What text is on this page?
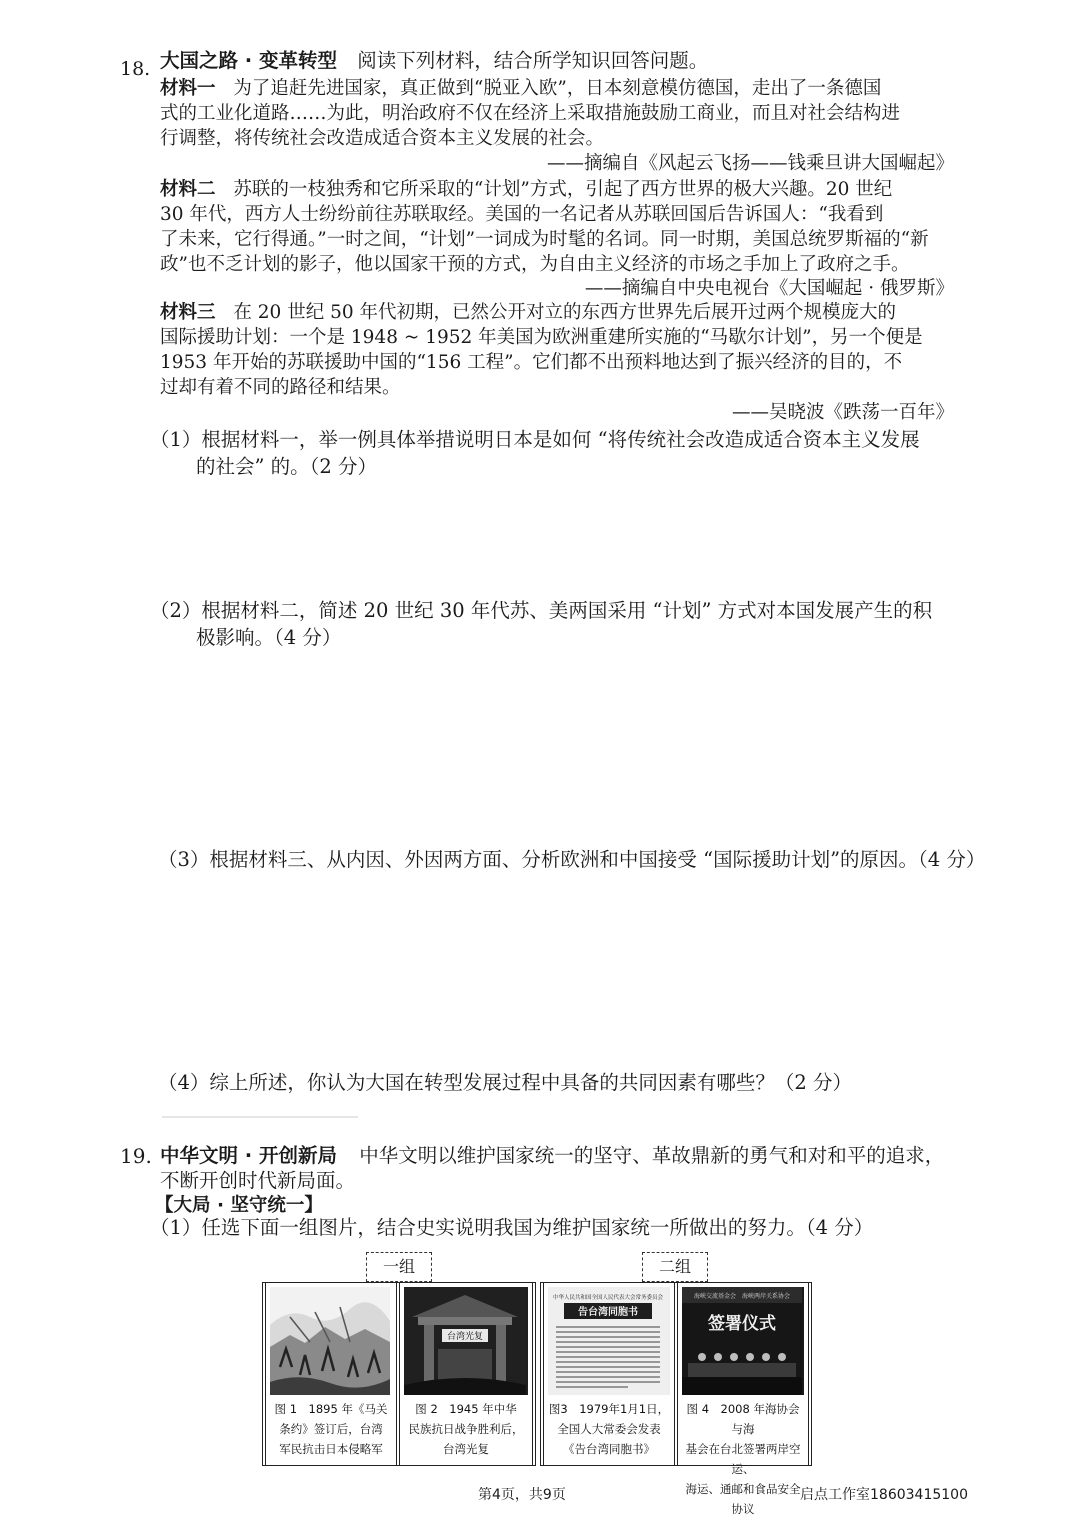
18. 大国之路 · 变革转型 阅读下列材料，结合所学知识回答问题。
材料一 为了追赶先进国家，真正做到“脱亚入欧”，日本刻意模仿德国，走出了一条德国
式的工业化道路……为此，明治政府不仅在经济上采取措施鼓励工商业，而且对社会结构进
行调整，将传统社会改造成适合资本主义发展的社会。
——摘编自《风起云飞扬——钱乘旦讲大国崛起》
材料二 苏联的一枝独秀和它所采取的“计划”方式，引起了西方世界的极大兴趣。20 世纪
30 年代，西方人士纷纷前往苏联取经。美国的一名记者从苏联回国后告诉国人：“我看到
了未来，它行得通。”一时之间，“计划”一词成为时髦的名词。同一时期，美国总统罗斯福的“新
政”也不乏计划的影子，他以国家干预的方式，为自由主义经济的市场之手加上了政府之手。
——摘编自中央电视台《大国崛起 · 俄罗斯》
材料三 在 20 世纪 50 年代初期，已然公开对立的东西方世界先后展开过两个规模庞大的
国际援助计划：一个是 1948 ~ 1952 年美国为欧洲重建所实施的“马歇尔计划”，另一个便是
1953 年开始的苏联援助中国的“156 工程”。它们都不出预料地达到了振兴经济的目的，不
过却有着不同的路径和结果。
——吴晓波《跌荡一百年》
（1）根据材料一，举一例具体举措说明日本是如何 “将传统社会改造成适合资本主义发展
的社会” 的。（2 分）
（2）根据材料二，简述 20 世纪 30 年代苏、美两国采用 “计划” 方式对本国发展产生的积
极影响。（4 分）
（3）根据材料三、从内因、外因两方面、分析欧洲和中国接受 “国际援助计划”的原因。（4 分）
（4）综上所述，你认为大国在转型发展过程中具备的共同因素有哪些？（2 分）
19. 中华文明 · 开创新局 中华文明以维护国家统一的坚守、革故鼎新的勇气和对和平的追求，
不断开创时代新局面。
【大局 · 坚守统一】
（1）任选下面一组图片，结合史实说明我国为维护国家统一所做出的努力。（4 分）
一组	二组
图 1　1895 年《马关
条约》签订后，台湾
军民抗击日本侵略军
台湾光复
图 2　1945 年中华
民族抗日战争胜利后，
台湾光复
中华人民共和国全国人民代表大会常务委员会
告台湾同胞书
图3　1979年1月1日，
全国人大常委会发表
《告台湾同胞书》
海峡交流基金会　海峡两岸关系协会
签署仪式
图 4　2008 年海协会与海
基会在台北签署两岸空运、
海运、通邮和食品安全协议
第4页，共9页	启点工作室18603415100
